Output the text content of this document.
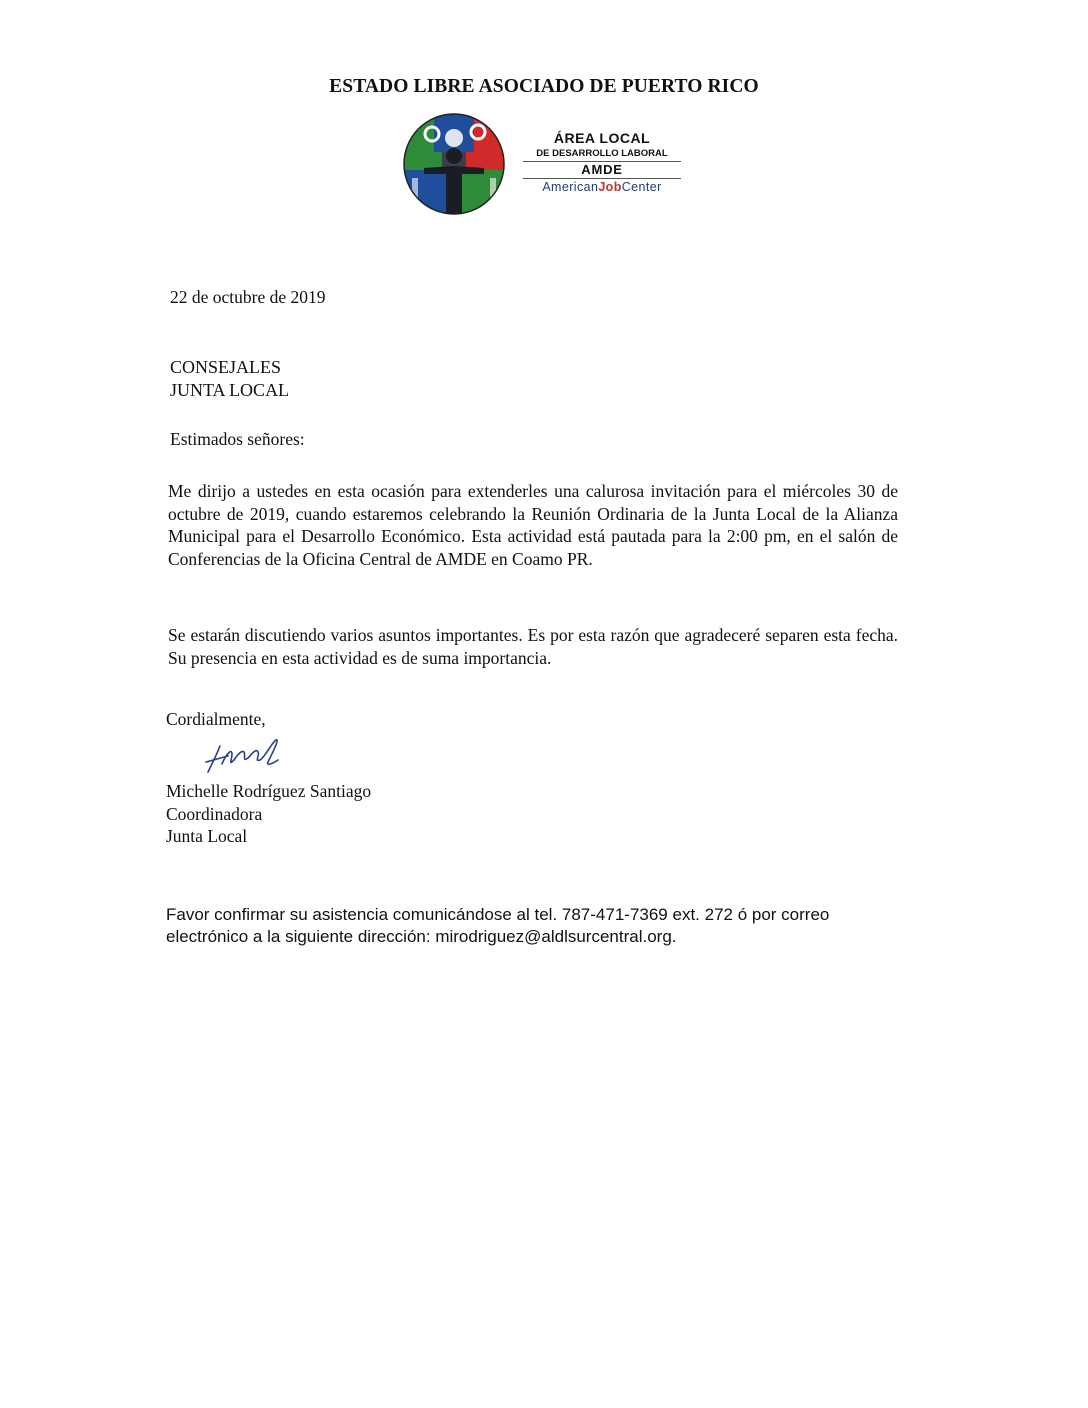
ESTADO LIBRE ASOCIADO DE PUERTO RICO
ÁREA LOCAL
DE DESARROLLO LABORAL
AMDE
AmericanJobCenter
22 de octubre de 2019
CONSEJALES
JUNTA LOCAL
Estimados señores:
Me dirijo a ustedes en esta ocasión para extenderles una calurosa invitación para el miércoles 30 de octubre de 2019, cuando estaremos celebrando la Reunión Ordinaria de la Junta Local de la Alianza Municipal para el Desarrollo Económico. Esta actividad está pautada para la 2:00 pm, en el salón de Conferencias de la Oficina Central de AMDE en Coamo PR.
Se estarán discutiendo varios asuntos importantes. Es por esta razón que agradeceré separen esta fecha. Su presencia en esta actividad es de suma importancia.
Cordialmente,
Michelle Rodríguez Santiago
Coordinadora
Junta Local
Favor confirmar su asistencia comunicándose al tel. 787-471-7369 ext. 272 ó por correo electrónico a la siguiente dirección: mirodriguez@aldlsurcentral.org.
